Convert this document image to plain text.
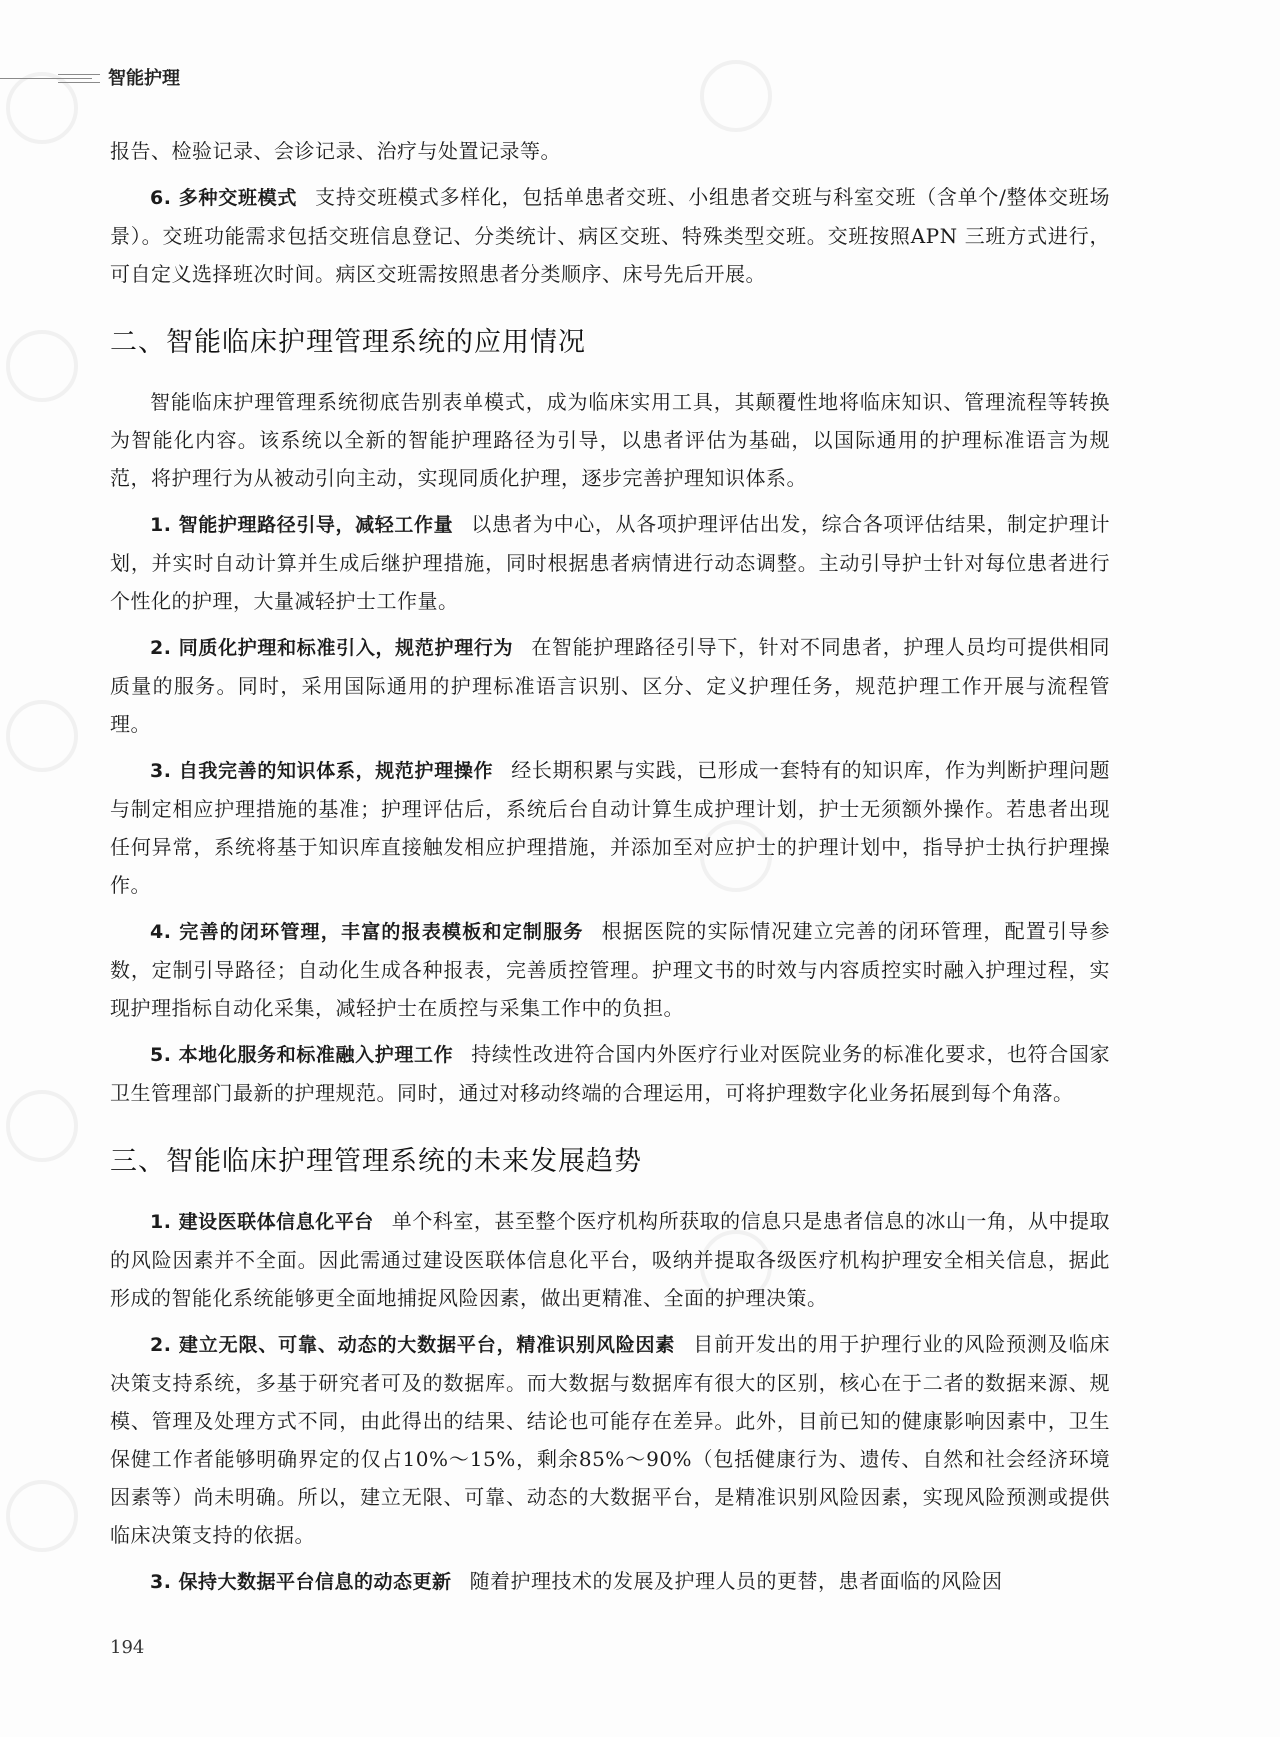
智能护理

报告、检验记录、会诊记录、治疗与处置记录等。

6. 多种交班模式 支持交班模式多样化，包括单患者交班、小组患者交班与科室交班（含单个/整体交班场景）。交班功能需求包括交班信息登记、分类统计、病区交班、特殊类型交班。交班按照APN 三班方式进行，可自定义选择班次时间。病区交班需按照患者分类顺序、床号先后开展。

二、智能临床护理管理系统的应用情况

智能临床护理管理系统彻底告别表单模式，成为临床实用工具，其颠覆性地将临床知识、管理流程等转换为智能化内容。该系统以全新的智能护理路径为引导，以患者评估为基础，以国际通用的护理标准语言为规范，将护理行为从被动引向主动，实现同质化护理，逐步完善护理知识体系。

1. 智能护理路径引导，减轻工作量 以患者为中心，从各项护理评估出发，综合各项评估结果，制定护理计划，并实时自动计算并生成后继护理措施，同时根据患者病情进行动态调整。主动引导护士针对每位患者进行个性化的护理，大量减轻护士工作量。

2. 同质化护理和标准引入，规范护理行为 在智能护理路径引导下，针对不同患者，护理人员均可提供相同质量的服务。同时，采用国际通用的护理标准语言识别、区分、定义护理任务，规范护理工作开展与流程管理。

3. 自我完善的知识体系，规范护理操作 经长期积累与实践，已形成一套特有的知识库，作为判断护理问题与制定相应护理措施的基准；护理评估后，系统后台自动计算生成护理计划，护士无须额外操作。若患者出现任何异常，系统将基于知识库直接触发相应护理措施，并添加至对应护士的护理计划中，指导护士执行护理操作。

4. 完善的闭环管理，丰富的报表模板和定制服务 根据医院的实际情况建立完善的闭环管理，配置引导参数，定制引导路径；自动化生成各种报表，完善质控管理。护理文书的时效与内容质控实时融入护理过程，实现护理指标自动化采集，减轻护士在质控与采集工作中的负担。

5. 本地化服务和标准融入护理工作 持续性改进符合国内外医疗行业对医院业务的标准化要求，也符合国家卫生管理部门最新的护理规范。同时，通过对移动终端的合理运用，可将护理数字化业务拓展到每个角落。

三、智能临床护理管理系统的未来发展趋势

1. 建设医联体信息化平台 单个科室，甚至整个医疗机构所获取的信息只是患者信息的冰山一角，从中提取的风险因素并不全面。因此需通过建设医联体信息化平台，吸纳并提取各级医疗机构护理安全相关信息，据此形成的智能化系统能够更全面地捕捉风险因素，做出更精准、全面的护理决策。

2. 建立无限、可靠、动态的大数据平台，精准识别风险因素 目前开发出的用于护理行业的风险预测及临床决策支持系统，多基于研究者可及的数据库。而大数据与数据库有很大的区别，核心在于二者的数据来源、规模、管理及处理方式不同，由此得出的结果、结论也可能存在差异。此外，目前已知的健康影响因素中，卫生保健工作者能够明确界定的仅占10%～15%，剩余85%～90%（包括健康行为、遗传、自然和社会经济环境因素等）尚未明确。所以，建立无限、可靠、动态的大数据平台，是精准识别风险因素，实现风险预测或提供临床决策支持的依据。

3. 保持大数据平台信息的动态更新 随着护理技术的发展及护理人员的更替，患者面临的风险因

194
